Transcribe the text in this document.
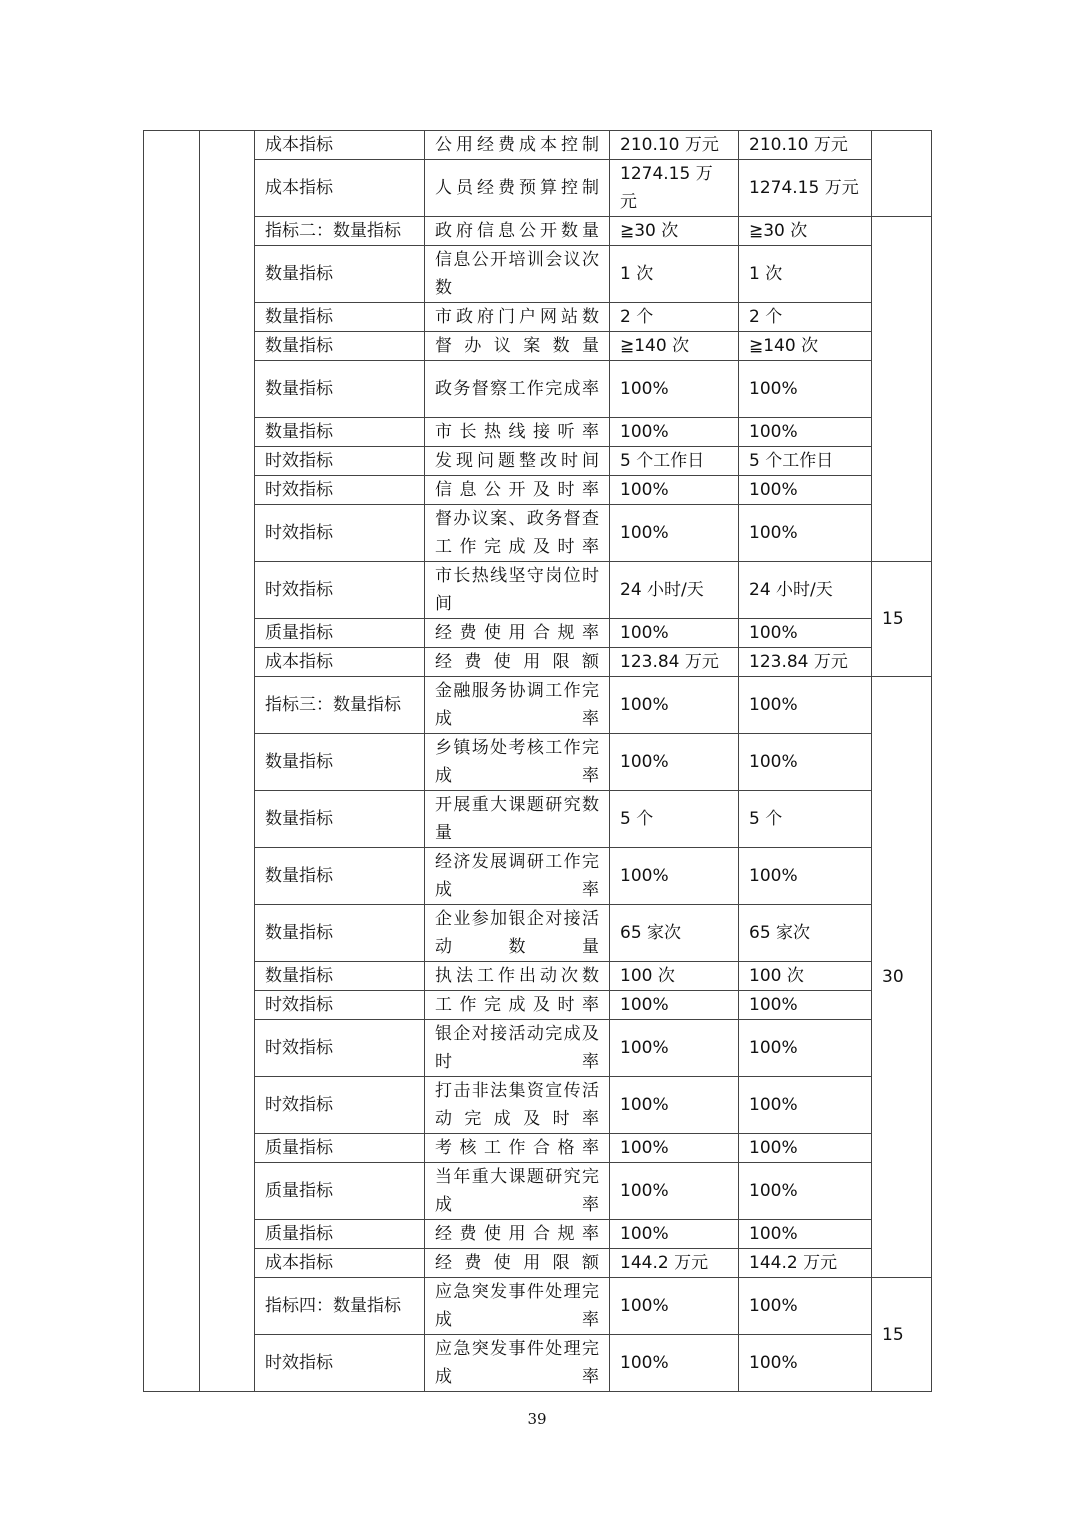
		成本指标	公用经费成本控制	210.10 万元	210.10 万元	
		成本指标	人员经费预算控制	1274.15 万元	1274.15 万元	
		指标二：数量指标	政府信息公开数量	≧30 次	≧30 次	
		数量指标	信息公开培训会议次数	1 次	1 次	
		数量指标	市政府门户网站数	2 个	2 个	
		数量指标	督办议案数量	≧140 次	≧140 次	
		数量指标	政务督察工作完成率	100%	100%	
		数量指标	市长热线接听率	100%	100%	
		时效指标	发现问题整改时间	5 个工作日	5 个工作日	
		时效指标	信息公开及时率	100%	100%	
		时效指标	督办议案、政务督查工作完成及时率	100%	100%	
		时效指标	市长热线坚守岗位时间	24 小时/天	24 小时/天	15
		质量指标	经费使用合规率	100%	100%	
		成本指标	经费使用限额	123.84 万元	123.84 万元	
		指标三：数量指标	金融服务协调工作完成率	100%	100%	30
		数量指标	乡镇场处考核工作完成率	100%	100%	
		数量指标	开展重大课题研究数量	5 个	5 个	
		数量指标	经济发展调研工作完成率	100%	100%	
		数量指标	企业参加银企对接活动数量	65 家次	65 家次	
		数量指标	执法工作出动次数	100 次	100 次	
		时效指标	工作完成及时率	100%	100%	
		时效指标	银企对接活动完成及时率	100%	100%	
		时效指标	打击非法集资宣传活动完成及时率	100%	100%	
		质量指标	考核工作合格率	100%	100%	
		质量指标	当年重大课题研究完成率	100%	100%	
		质量指标	经费使用合规率	100%	100%	
		成本指标	经费使用限额	144.2 万元	144.2 万元	
		指标四：数量指标	应急突发事件处理完成率	100%	100%	15
		时效指标	应急突发事件处理完成率	100%	100%	
39
